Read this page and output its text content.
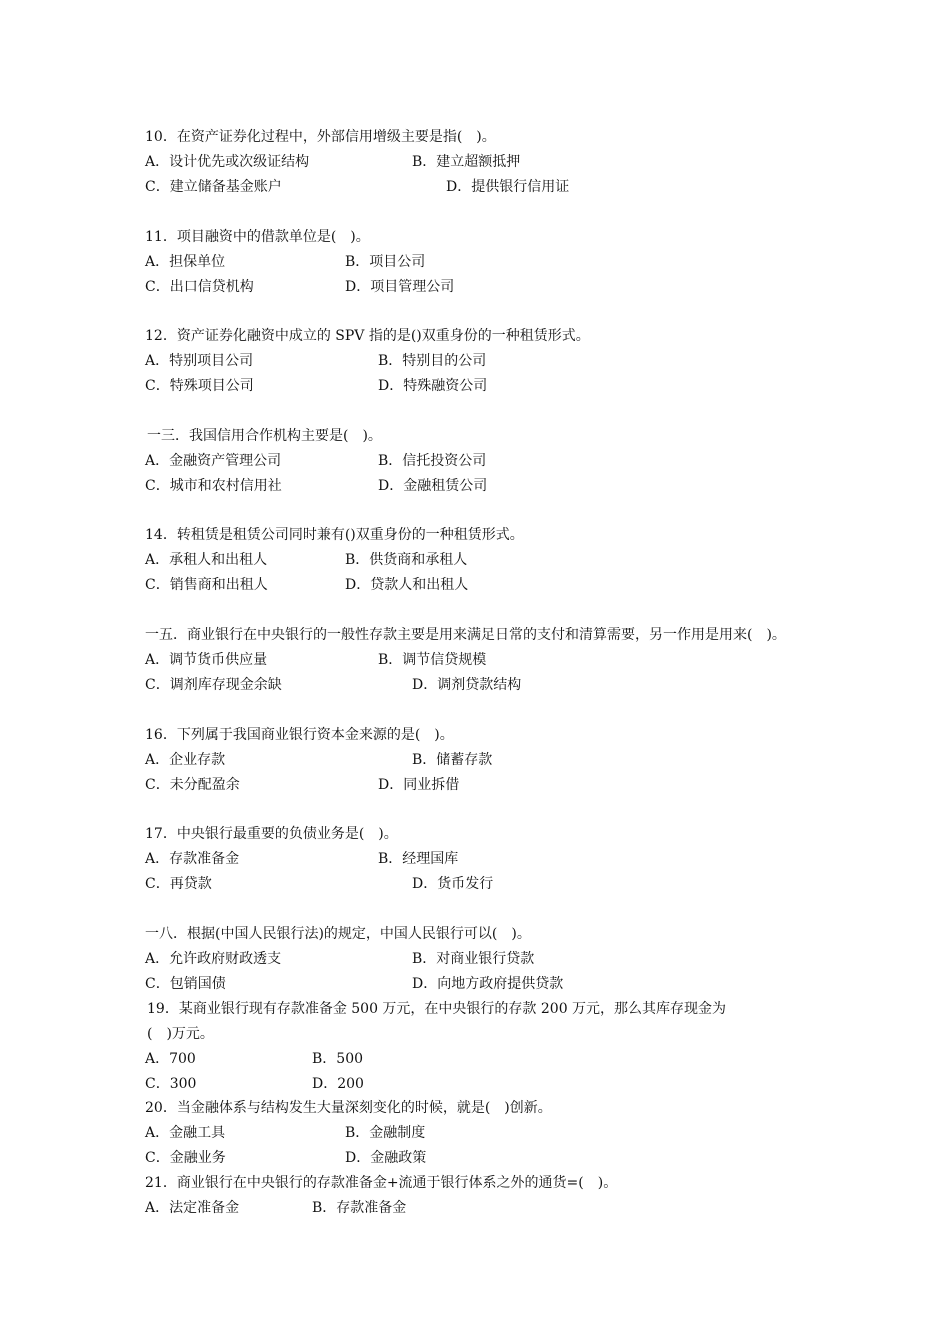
10．在资产证券化过程中，外部信用增级主要是指(　)。
A．设计优先或次级证结构	B．建立超额抵押
C．建立储备基金账户	D．提供银行信用证
11．项目融资中的借款单位是(　)。
A．担保单位	B．项目公司
C．出口信贷机构	D．项目管理公司
12．资产证券化融资中成立的 SPV 指的是()双重身份的一种租赁形式。
A．特别项目公司	B．特别目的公司
C．特殊项目公司	D．特殊融资公司
一三．我国信用合作机构主要是(　)。
A．金融资产管理公司	B．信托投资公司
C．城市和农村信用社	D．金融租赁公司
14．转租赁是租赁公司同时兼有()双重身份的一种租赁形式。
A．承租人和出租人	B．供货商和承租人
C．销售商和出租人	D．贷款人和出租人
一五．商业银行在中央银行的一般性存款主要是用来满足日常的支付和清算需要，另一作用是用来(　)。
A．调节货币供应量	B．调节信贷规模
C．调剂库存现金余缺	D．调剂贷款结构
16．下列属于我国商业银行资本金来源的是(　)。
A．企业存款	B．储蓄存款
C．未分配盈余	D．同业拆借
17．中央银行最重要的负债业务是(　)。
A．存款准备金	B．经理国库
C．再贷款	D．货币发行
一八．根据(中国人民银行法)的规定，中国人民银行可以(　)。
A．允许政府财政透支	B．对商业银行贷款
C．包销国债	D．向地方政府提供贷款
19．某商业银行现有存款准备金 500 万元，在中央银行的存款 200 万元，那么其库存现金为
(　)万元。
A．700	B．500
C．300	D．200
20．当金融体系与结构发生大量深刻变化的时候，就是(　)创新。
A．金融工具	B．金融制度
C．金融业务	D．金融政策
21．商业银行在中央银行的存款准备金+流通于银行体系之外的通货=(　)。
A．法定准备金	B．存款准备金
